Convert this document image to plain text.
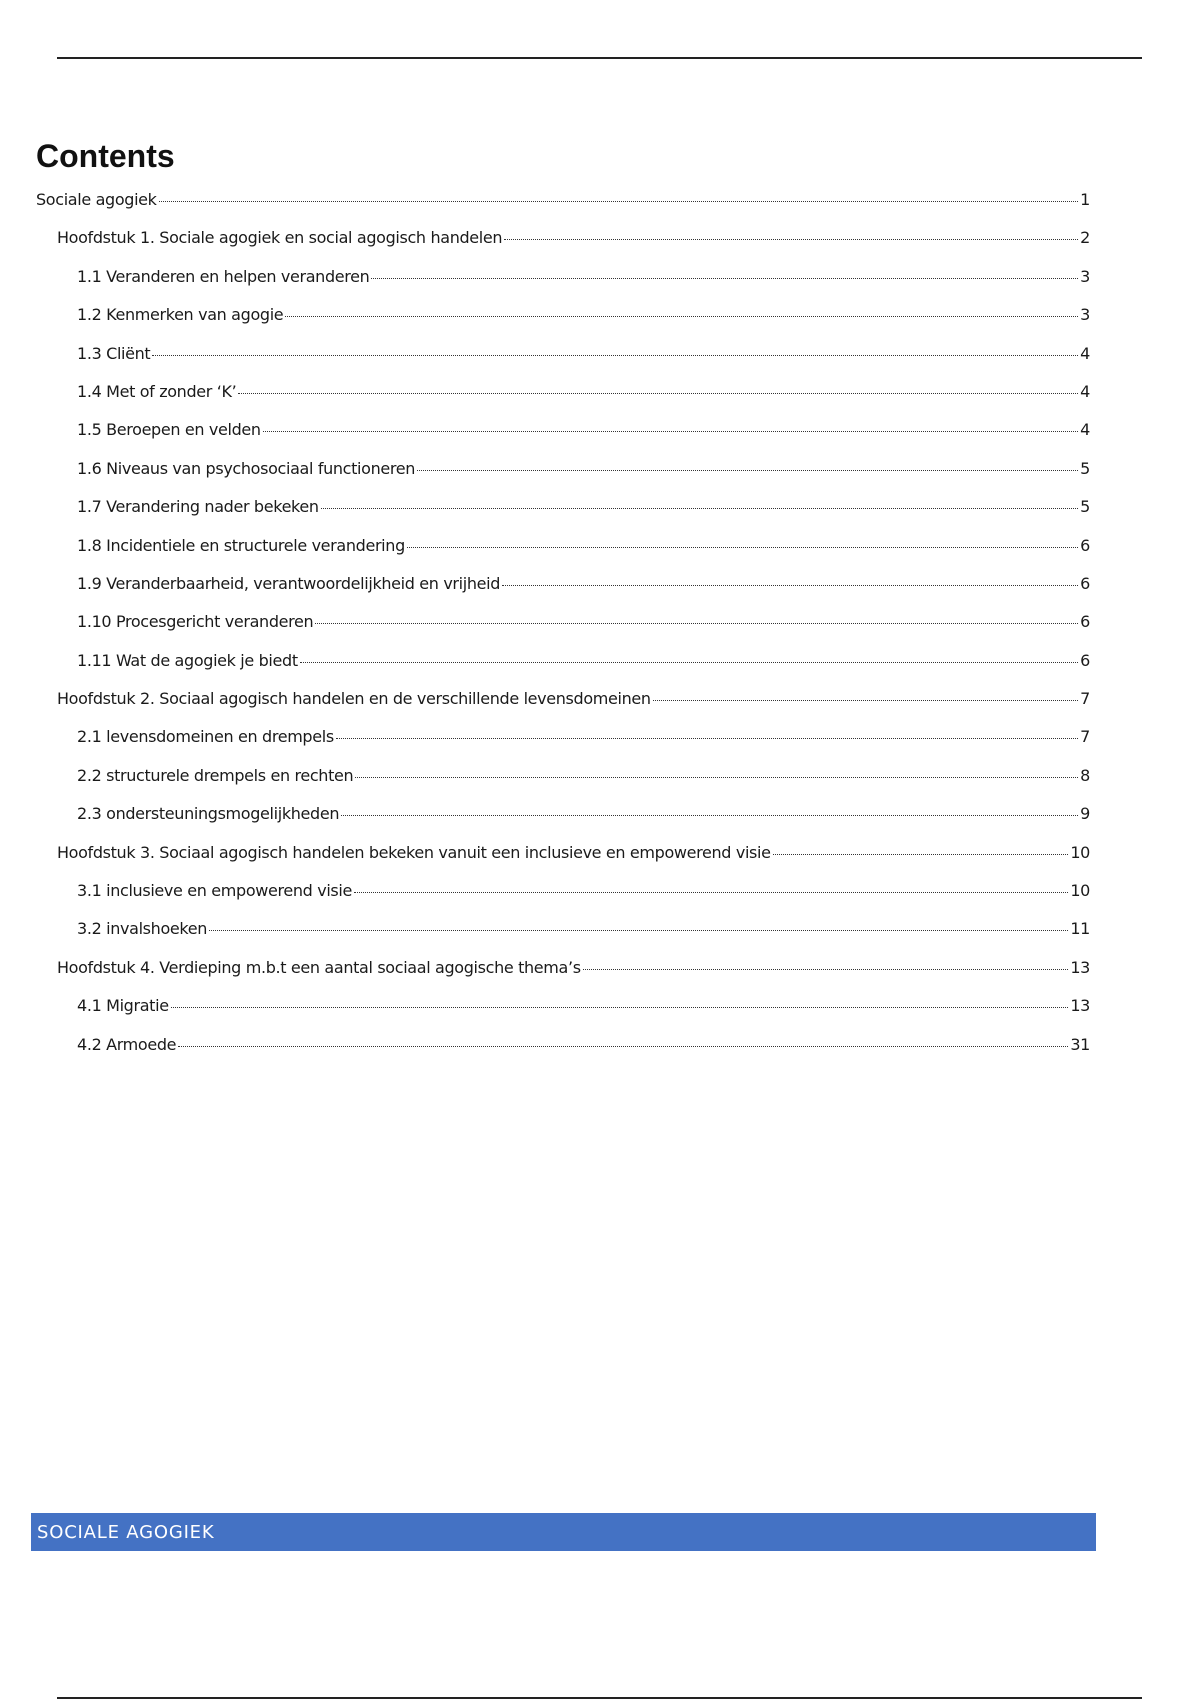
Contents
Sociale agogiek	1
Hoofdstuk 1. Sociale agogiek en social agogisch handelen	2
1.1 Veranderen en helpen veranderen	3
1.2 Kenmerken van agogie	3
1.3 Cliënt	4
1.4 Met of zonder ‘K’	4
1.5 Beroepen en velden	4
1.6 Niveaus van psychosociaal functioneren	5
1.7 Verandering nader bekeken	5
1.8 Incidentiele en structurele verandering	6
1.9 Veranderbaarheid, verantwoordelijkheid en vrijheid	6
1.10 Procesgericht veranderen	6
1.11 Wat de agogiek je biedt	6
Hoofdstuk 2. Sociaal agogisch handelen en de verschillende levensdomeinen	7
2.1 levensdomeinen en drempels	7
2.2 structurele drempels en rechten	8
2.3 ondersteuningsmogelijkheden	9
Hoofdstuk 3. Sociaal agogisch handelen bekeken vanuit een inclusieve en empowerend visie	10
3.1 inclusieve en empowerend visie	10
3.2 invalshoeken	11
Hoofdstuk 4. Verdieping m.b.t een aantal sociaal agogische thema’s	13
4.1 Migratie	13
4.2 Armoede	31
SOCIALE AGOGIEK
